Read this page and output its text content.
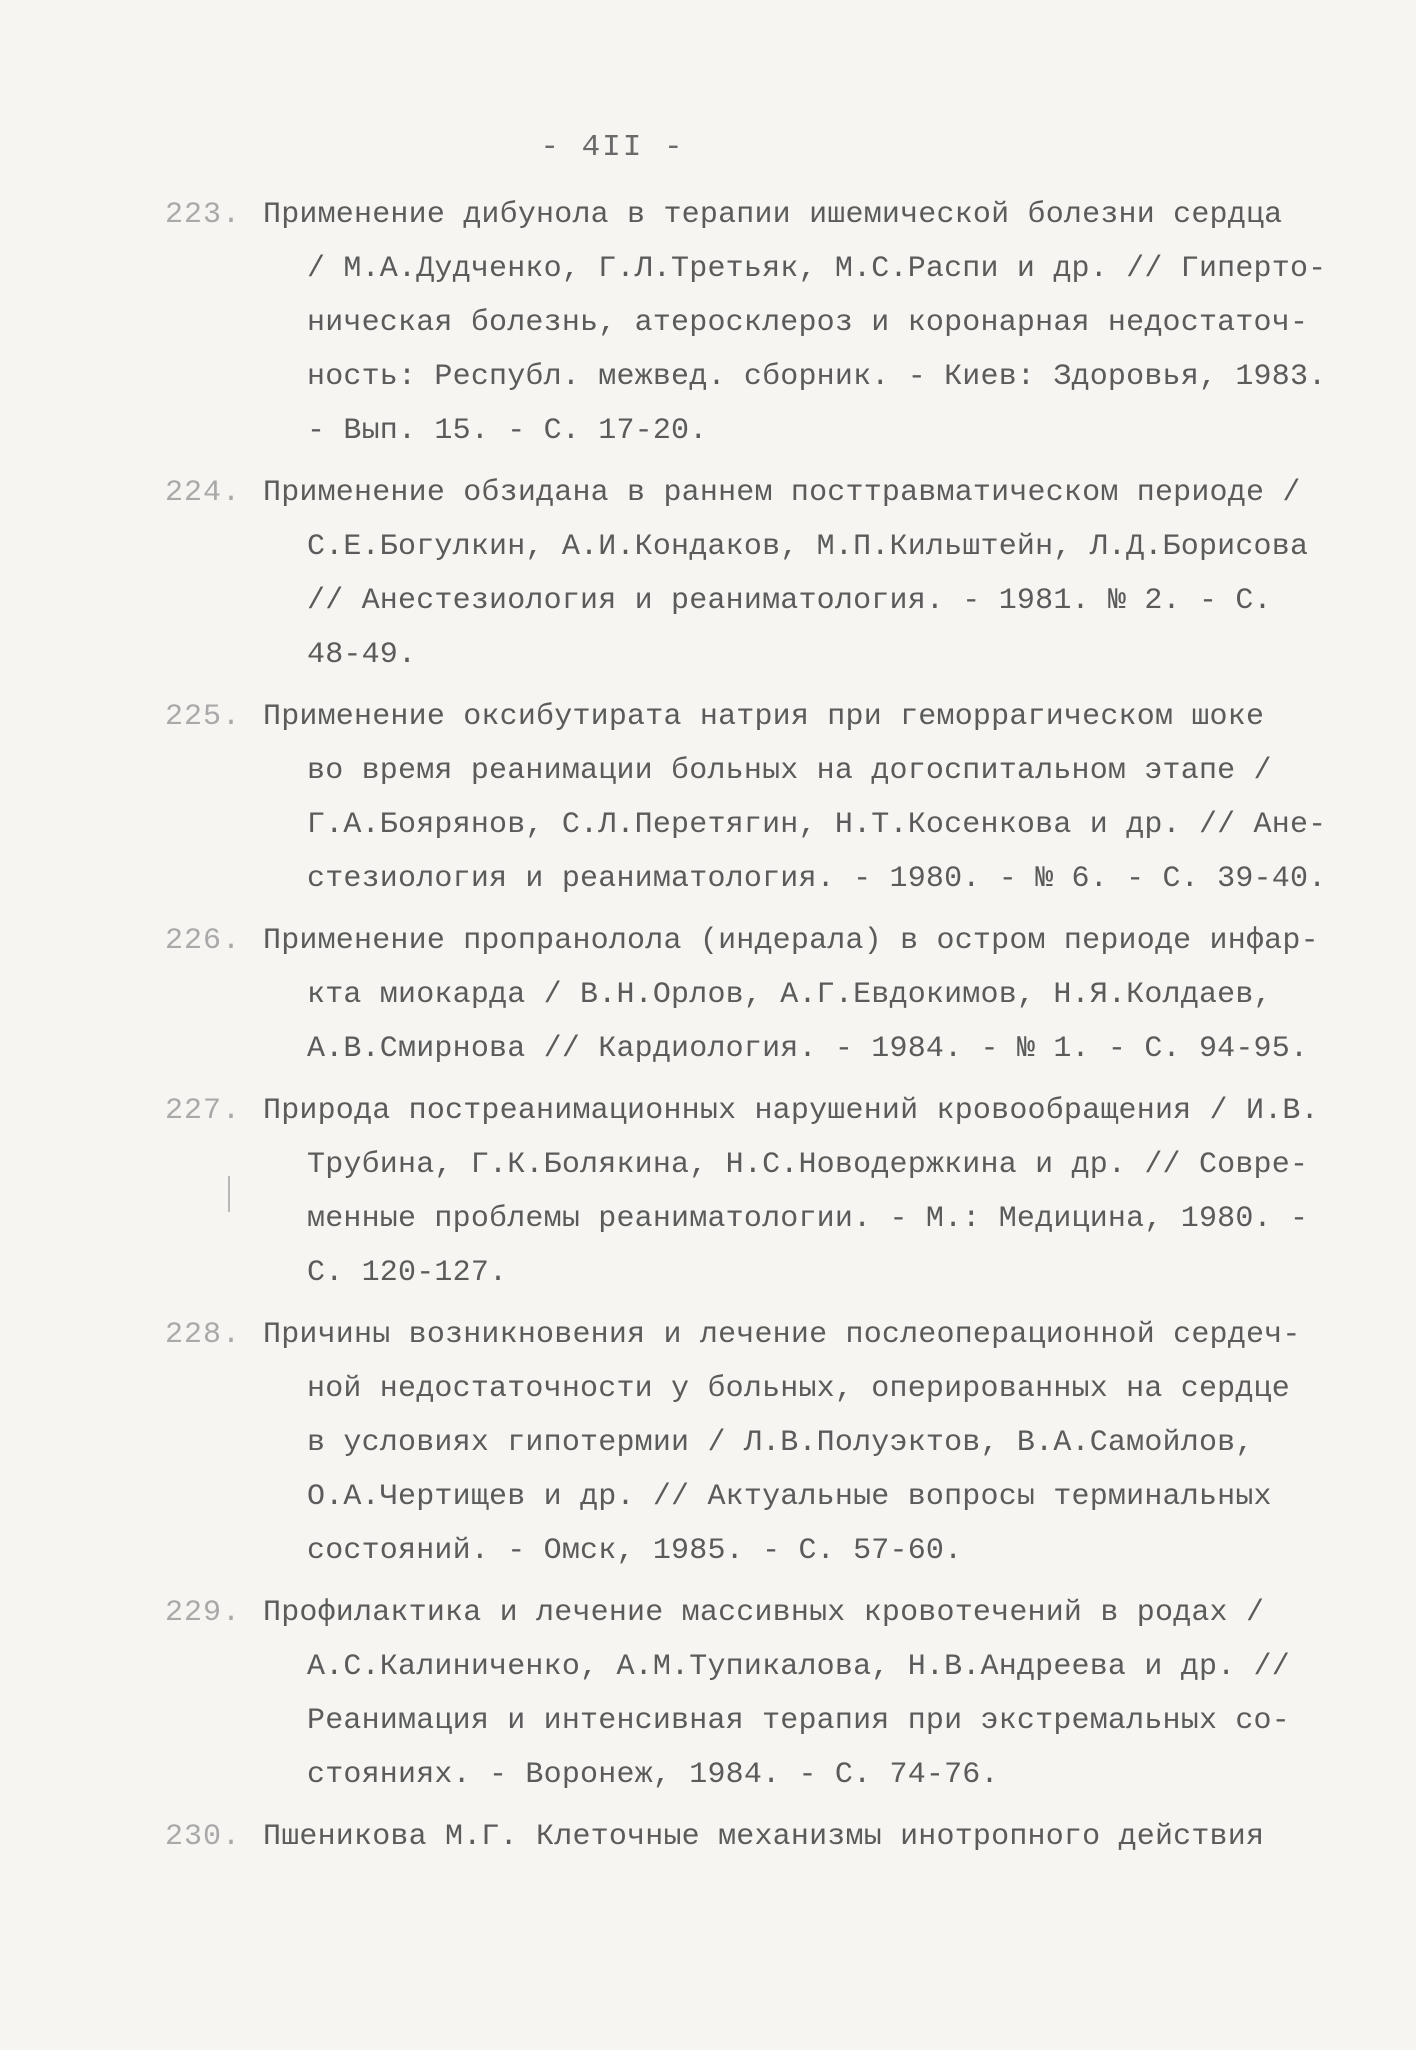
- 4II -
223. Применение дибунола в терапии ишемической болезни сердца
/ М.А.Дудченко, Г.Л.Третьяк, М.С.Распи и др. // Гиперто-
ническая болезнь, атеросклероз и коронарная недостаточ-
ность: Республ. межвед. сборник. - Киев: Здоровья, 1983.
- Вып. 15. - С. 17-20.
224. Применение обзидана в раннем посттравматическом периоде /
С.Е.Богулкин, А.И.Кондаков, М.П.Кильштейн, Л.Д.Борисова
// Анестезиология и реаниматология. - 1981. № 2. - С.
48-49.
225. Применение оксибутирата натрия при геморрагическом шоке
во время реанимации больных на догоспитальном этапе /
Г.А.Боярянов, С.Л.Перетягин, Н.Т.Косенкова и др. // Ане-
стезиология и реаниматология. - 1980. - № 6. - С. 39-40.
226. Применение пропранолола (индерала) в остром периоде инфар-
кта миокарда / В.Н.Орлов, А.Г.Евдокимов, Н.Я.Колдаев,
А.В.Смирнова // Кардиология. - 1984. - № 1. - С. 94-95.
227. Природа постреанимационных нарушений кровообращения / И.В.
Трубина, Г.К.Болякина, Н.С.Новодержкина и др. // Совре-
менные проблемы реаниматологии. - М.: Медицина, 1980. -
С. 120-127.
228. Причины возникновения и лечение послеоперационной сердеч-
ной недостаточности у больных, оперированных на сердце
в условиях гипотермии / Л.В.Полуэктов, В.А.Самойлов,
О.А.Чертищев и др. // Актуальные вопросы терминальных
состояний. - Омск, 1985. - С. 57-60.
229. Профилактика и лечение массивных кровотечений в родах /
А.С.Калиниченко, А.М.Тупикалова, Н.В.Андреева и др. //
Реанимация и интенсивная терапия при экстремальных со-
стояниях. - Воронеж, 1984. - С. 74-76.
230. Пшеникова М.Г. Клеточные механизмы инотропного действия
